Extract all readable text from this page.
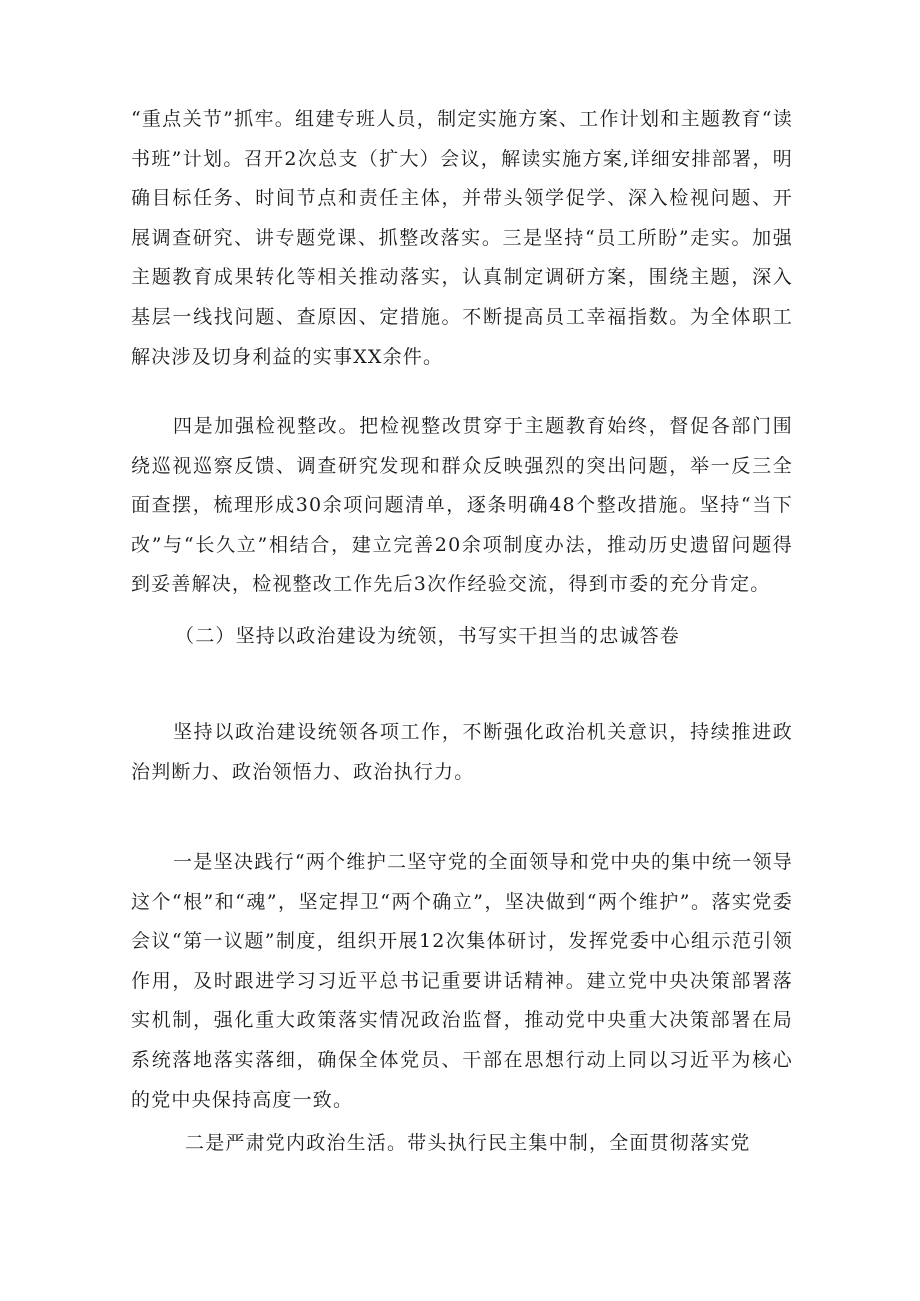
“重点关节”抓牢。组建专班人员，制定实施方案、工作计划和主题教育“读书班”计划。召开2次总支（扩大）会议，解读实施方案,详细安排部署，明确目标任务、时间节点和责任主体，并带头领学促学、深入检视问题、开展调查研究、讲专题党课、抓整改落实。三是坚持“员工所盼”走实。加强主题教育成果转化等相关推动落实，认真制定调研方案，围绕主题，深入基层一线找问题、查原因、定措施。不断提高员工幸福指数。为全体职工解决涉及切身利益的实事XX余件。

四是加强检视整改。把检视整改贯穿于主题教育始终，督促各部门围绕巡视巡察反馈、调查研究发现和群众反映强烈的突出问题，举一反三全面查摆，梳理形成30余项问题清单，逐条明确48个整改措施。坚持“当下改”与“长久立”相结合，建立完善20余项制度办法，推动历史遗留问题得到妥善解决，检视整改工作先后3次作经验交流，得到市委的充分肯定。

（二）坚持以政治建设为统领，书写实干担当的忠诚答卷

坚持以政治建设统领各项工作，不断强化政治机关意识，持续推进政治判断力、政治领悟力、政治执行力。

一是坚决践行“两个维护二坚守党的全面领导和党中央的集中统一领导这个“根”和“魂”，坚定捍卫“两个确立”，坚决做到“两个维护”。落实党委会议“第一议题”制度，组织开展12次集体研讨，发挥党委中心组示范引领作用，及时跟进学习习近平总书记重要讲话精神。建立党中央决策部署落实机制，强化重大政策落实情况政治监督，推动党中央重大决策部署在局系统落地落实落细，确保全体党员、干部在思想行动上同以习近平为核心的党中央保持高度一致。

二是严肃党内政治生活。带头执行民主集中制，全面贯彻落实党
